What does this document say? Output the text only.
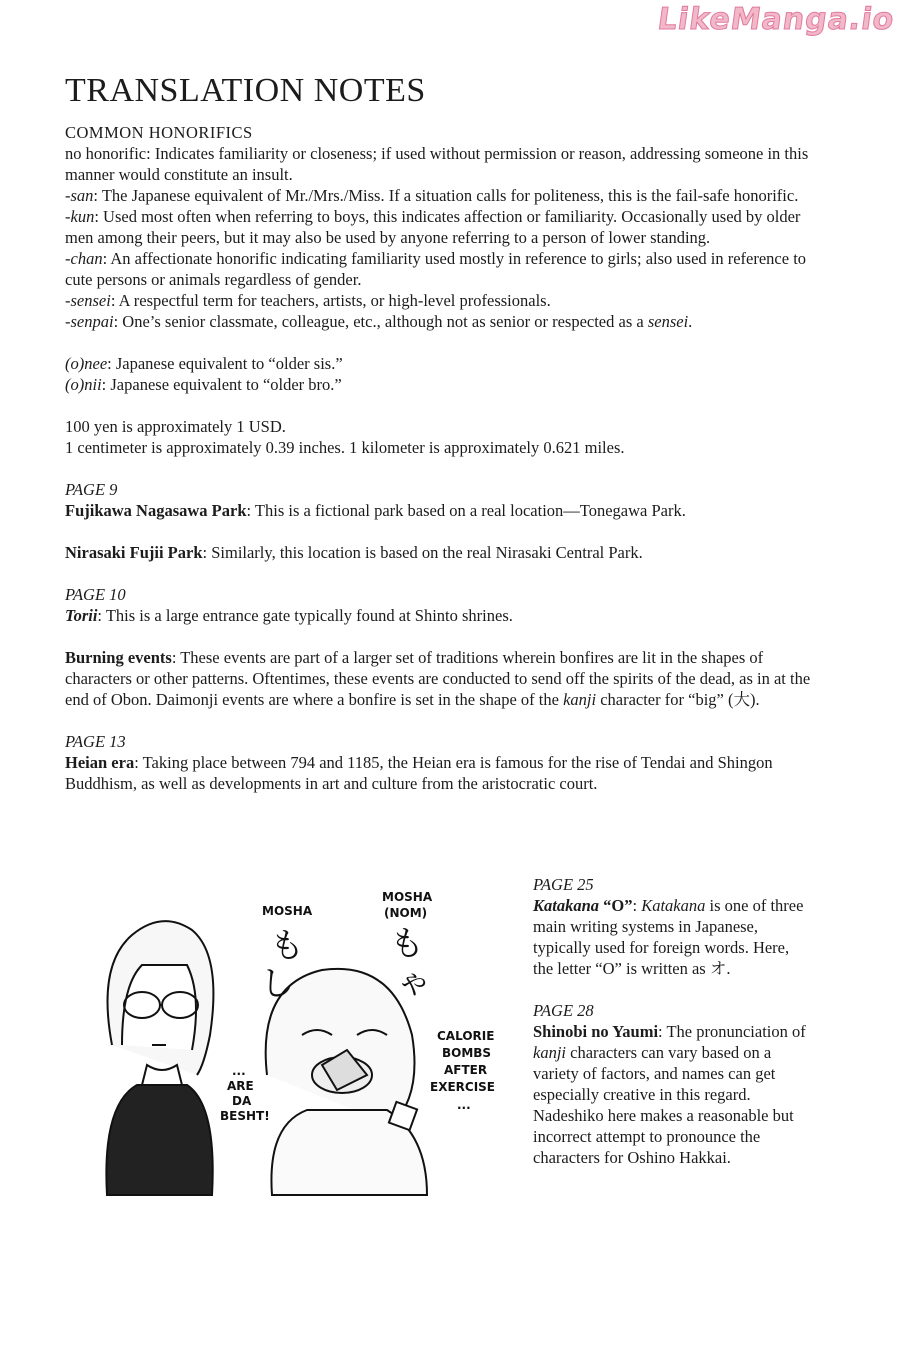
LikeManga.io
TRANSLATION NOTES
COMMON HONORIFICS

no honorific: Indicates familiarity or closeness; if used without permission or reason, addressing someone in this manner would constitute an insult.

-san: The Japanese equivalent of Mr./Mrs./Miss. If a situation calls for politeness, this is the fail-safe honorific.

-kun: Used most often when referring to boys, this indicates affection or familiarity. Occasionally used by older men among their peers, but it may also be used by anyone referring to a person of lower standing.

-chan: An affectionate honorific indicating familiarity used mostly in reference to girls; also used in reference to cute persons or animals regardless of gender.

-sensei: A respectful term for teachers, artists, or high-level professionals.

-senpai: One’s senior classmate, colleague, etc., although not as senior or respected as a sensei.

(o)nee: Japanese equivalent to “older sis.”

(o)nii: Japanese equivalent to “older bro.”

100 yen is approximately 1 USD.

1 centimeter is approximately 0.39 inches. 1 kilometer is approximately 0.621 miles.

PAGE 9

Fujikawa Nagasawa Park: This is a fictional park based on a real location—Tonegawa Park.

Nirasaki Fujii Park: Similarly, this location is based on the real Nirasaki Central Park.

PAGE 10

Torii: This is a large entrance gate typically found at Shinto shrines.

Burning events: These events are part of a larger set of traditions wherein bonfires are lit in the shapes of characters or other patterns. Oftentimes, these events are conducted to send off the spirits of the dead, as in at the end of Obon. Daimonji events are where a bonfire is set in the shape of the kanji character for “big” (大).

PAGE 13

Heian era: Taking place between 794 and 1185, the Heian era is famous for the rise of Tendai and Shingon Buddhism, as well as developments in art and culture from the aristocratic court.

MOSHA
も
し
MOSHA
(NOM)
も
ゃ
...
ARE
DA
BESHT!
CALORIE
BOMBS
AFTER
EXERCISE
...

PAGE 25

Katakana “O”: Katakana is one of three main writing systems in Japanese, typically used for foreign words. Here, the letter “O” is written as オ.

PAGE 28

Shinobi no Yaumi: The pronunciation of kanji characters can vary based on a variety of factors, and names can get especially creative in this regard. Nadeshiko here makes a reasonable but incorrect attempt to pronounce the characters for Oshino Hakkai.
